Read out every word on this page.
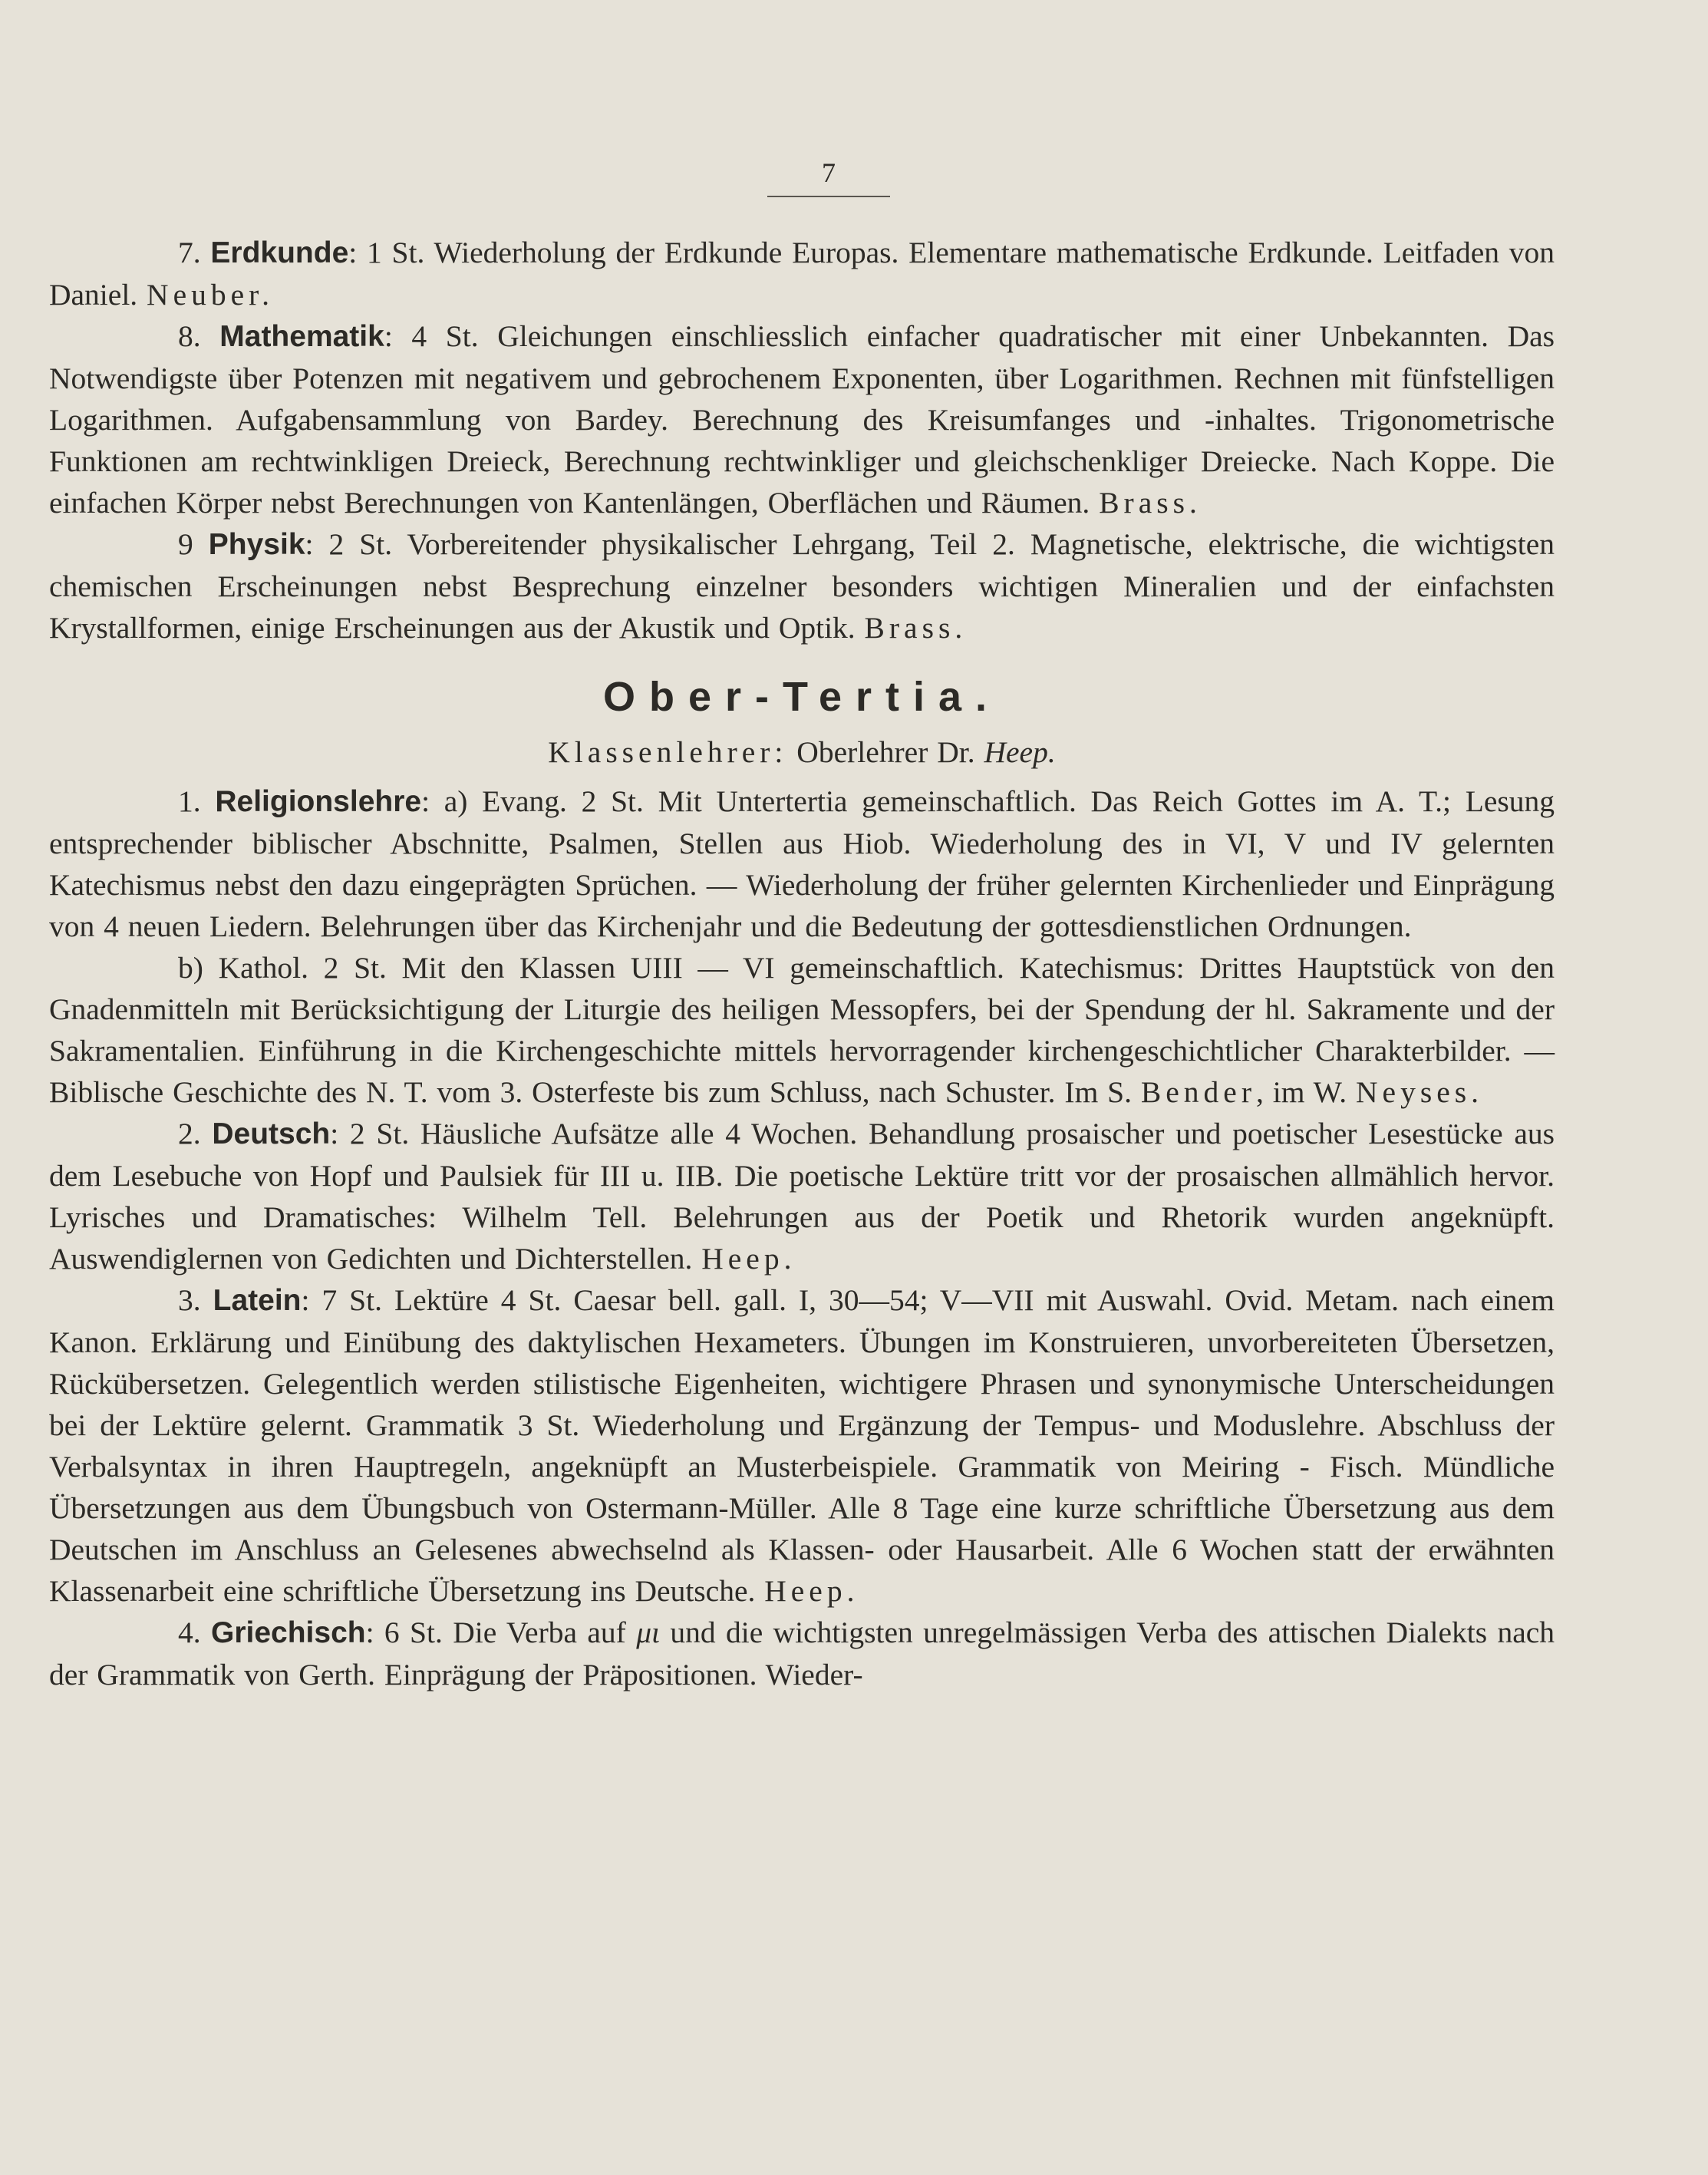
7

7. Erdkunde: 1 St. Wiederholung der Erdkunde Europas. Elementare mathematische Erdkunde. Leitfaden von Daniel. Neuber.

8. Mathematik: 4 St. Gleichungen einschliesslich einfacher quadratischer mit einer Unbekannten. Das Notwendigste über Potenzen mit negativem und gebrochenem Exponenten, über Logarithmen. Rechnen mit fünfstelligen Logarithmen. Aufgabensammlung von Bardey. Berechnung des Kreisumfanges und -inhaltes. Trigonometrische Funktionen am rechtwinkligen Dreieck, Berechnung rechtwinkliger und gleichschenkliger Dreiecke. Nach Koppe. Die einfachen Körper nebst Berechnungen von Kantenlängen, Oberflächen und Räumen. Brass.

9 Physik: 2 St. Vorbereitender physikalischer Lehrgang, Teil 2. Magnetische, elektrische, die wichtigsten chemischen Erscheinungen nebst Besprechung einzelner besonders wichtigen Mineralien und der einfachsten Krystallformen, einige Erscheinungen aus der Akustik und Optik. Brass.

Ober-Tertia.

Klassenlehrer: Oberlehrer Dr. Heep.

1. Religionslehre: a) Evang. 2 St. Mit Untertertia gemeinschaftlich. Das Reich Gottes im A. T.; Lesung entsprechender biblischer Abschnitte, Psalmen, Stellen aus Hiob. Wiederholung des in VI, V und IV gelernten Katechismus nebst den dazu eingeprägten Sprüchen. — Wiederholung der früher gelernten Kirchenlieder und Einprägung von 4 neuen Liedern. Belehrungen über das Kirchenjahr und die Bedeutung der gottesdienstlichen Ordnungen.

b) Kathol. 2 St. Mit den Klassen UIII — VI gemeinschaftlich. Katechismus: Drittes Hauptstück von den Gnadenmitteln mit Berücksichtigung der Liturgie des heiligen Messopfers, bei der Spendung der hl. Sakramente und der Sakramentalien. Einführung in die Kirchengeschichte mittels hervorragender kirchengeschichtlicher Charakterbilder. — Biblische Geschichte des N. T. vom 3. Osterfeste bis zum Schluss, nach Schuster. Im S. Bender, im W. Neyses.

2. Deutsch: 2 St. Häusliche Aufsätze alle 4 Wochen. Behandlung prosaischer und poetischer Lesestücke aus dem Lesebuche von Hopf und Paulsiek für III u. IIB. Die poetische Lektüre tritt vor der prosaischen allmählich hervor. Lyrisches und Dramatisches: Wilhelm Tell. Belehrungen aus der Poetik und Rhetorik wurden angeknüpft. Auswendiglernen von Gedichten und Dichterstellen. Heep.

3. Latein: 7 St. Lektüre 4 St. Caesar bell. gall. I, 30—54; V—VII mit Auswahl. Ovid. Metam. nach einem Kanon. Erklärung und Einübung des daktylischen Hexameters. Übungen im Konstruieren, unvorbereiteten Übersetzen, Rückübersetzen. Gelegentlich werden stilistische Eigenheiten, wichtigere Phrasen und synonymische Unterscheidungen bei der Lektüre gelernt. Grammatik 3 St. Wiederholung und Ergänzung der Tempus- und Moduslehre. Abschluss der Verbalsyntax in ihren Hauptregeln, angeknüpft an Musterbeispiele. Grammatik von Meiring - Fisch. Mündliche Übersetzungen aus dem Übungsbuch von Ostermann-Müller. Alle 8 Tage eine kurze schriftliche Übersetzung aus dem Deutschen im Anschluss an Gelesenes abwechselnd als Klassen- oder Hausarbeit. Alle 6 Wochen statt der erwähnten Klassenarbeit eine schriftliche Übersetzung ins Deutsche. Heep.

4. Griechisch: 6 St. Die Verba auf μι und die wichtigsten unregelmässigen Verba des attischen Dialekts nach der Grammatik von Gerth. Einprägung der Präpositionen. Wieder-
